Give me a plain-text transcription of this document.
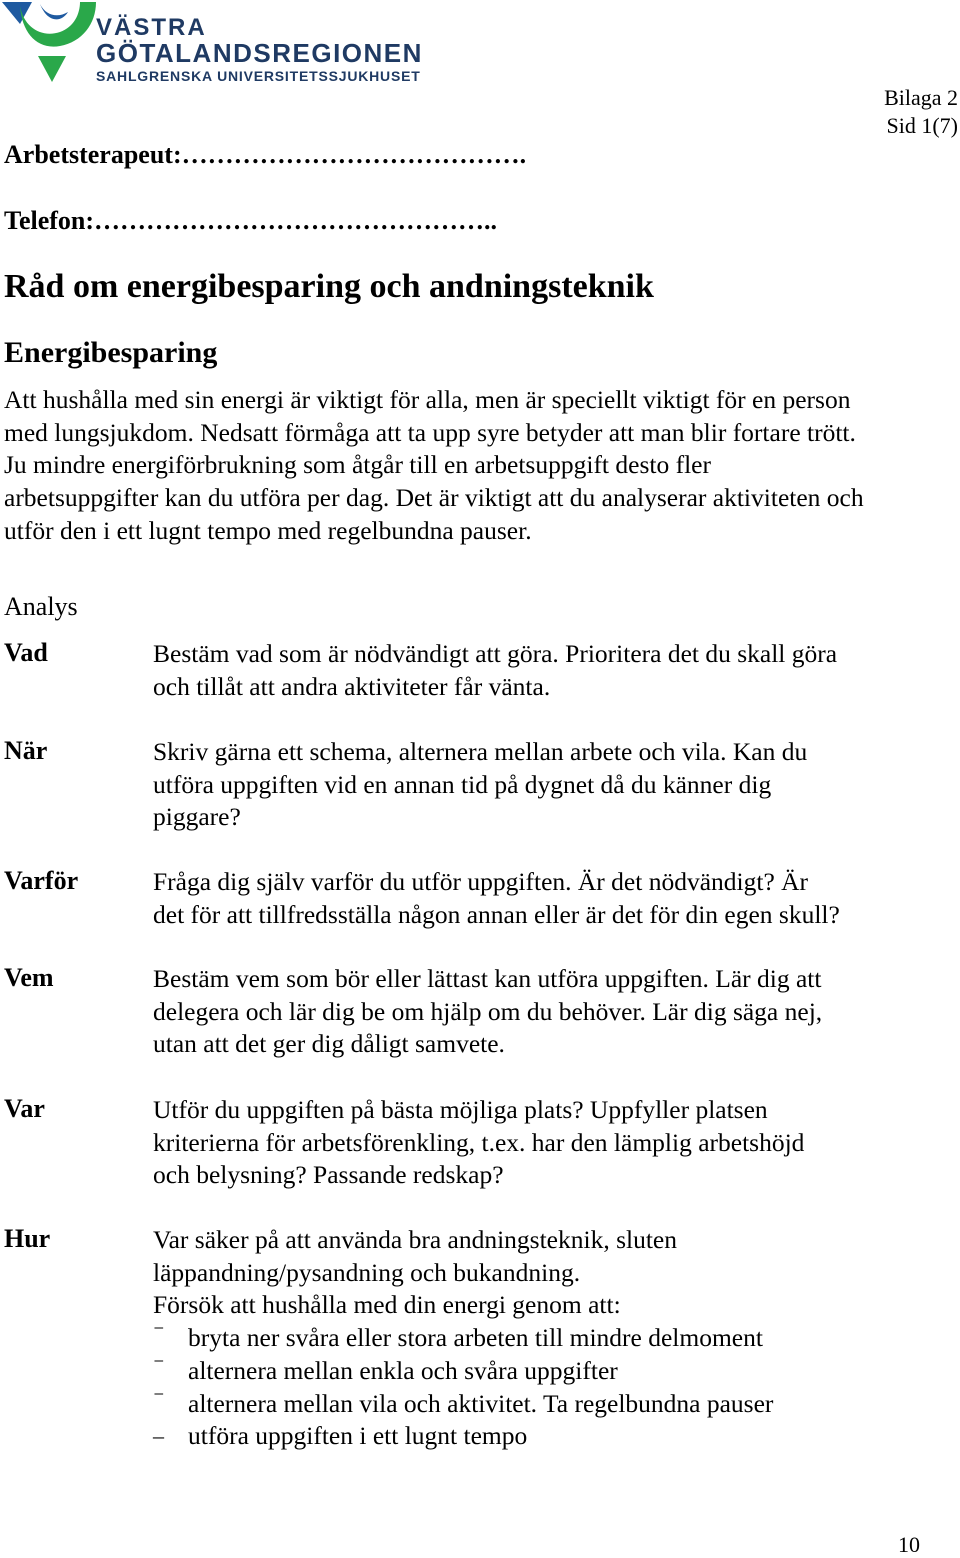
VÄSTRA
GÖTALANDSREGIONEN
SAHLGRENSKA UNIVERSITETSSJUKHUSET
Bilaga 2
Sid 1(7)
Arbetsterapeut:………………………………….
Telefon:………………………………………..
Råd om energibesparing och andningsteknik
Energibesparing
Att hushålla med sin energi är viktigt för alla, men är speciellt viktigt för en person
med lungsjukdom. Nedsatt förmåga att ta upp syre betyder att man blir fortare trött.
Ju mindre energiförbrukning som åtgår till en arbetsuppgift desto fler
arbetsuppgifter kan du utföra per dag. Det är viktigt att du analyserar aktiviteten och
utför den i ett lugnt tempo med regelbundna pauser.
Analys
Vad	Bestäm vad som är nödvändigt att göra. Prioritera det du skall göra
och tillåt att andra aktiviteter får vänta.
När	Skriv gärna ett schema, alternera mellan arbete och vila. Kan du
utföra uppgiften vid en annan tid på dygnet då du känner dig
piggare?
Varför	Fråga dig själv varför du utför uppgiften. Är det nödvändigt? Är
det för att tillfredsställa någon annan eller är det för din egen skull?
Vem	Bestäm vem som bör eller lättast kan utföra uppgiften. Lär dig att
delegera och lär dig be om hjälp om du behöver. Lär dig säga nej,
utan att det ger dig dåligt samvete.
Var	Utför du uppgiften på bästa möjliga plats? Uppfyller platsen
kriterierna för arbetsförenkling, t.ex. har den lämplig arbetshöjd
och belysning? Passande redskap?
Hur	Var säker på att använda bra andningsteknik, sluten
läppandning/pysandning och bukandning.
Försök att hushålla med din energi genom att:
⁻ bryta ner svåra eller stora arbeten till mindre delmoment
⁻ alternera mellan enkla och svåra uppgifter
⁻ alternera mellan vila och aktivitet. Ta regelbundna pauser
– utföra uppgiften i ett lugnt tempo
10
